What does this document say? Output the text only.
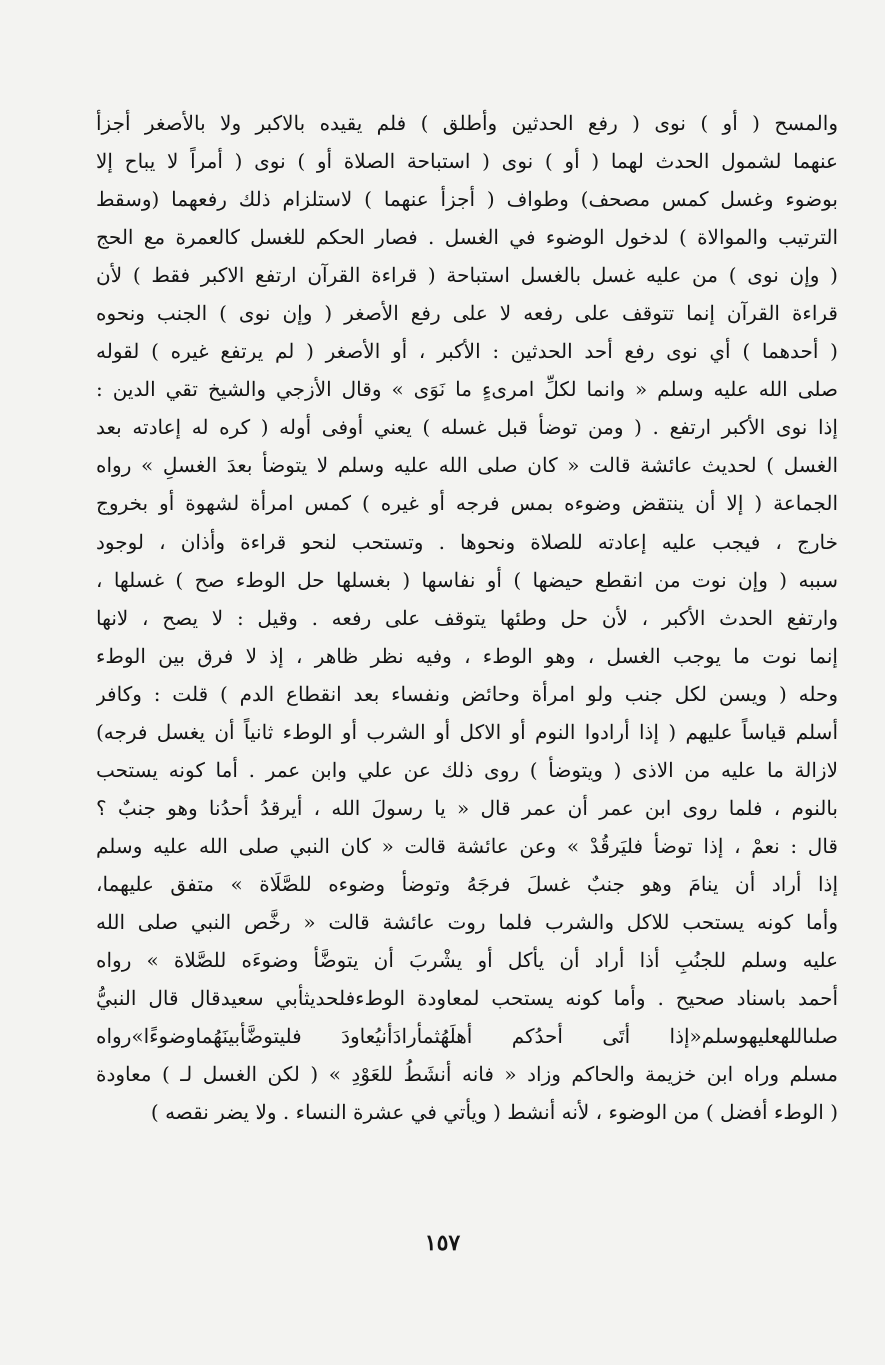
والمسح ( أو ) نوى ( رفع الحدثين وأطلق ) فلم يقيده بالاكبر ولا بالأصغر أجزأ
عنهما لشمول الحدث لهما ( أو ) نوى ( استباحة الصلاة أو ) نوى ( أمراً لا يباح إلا
بوضوء وغسل كمس مصحف) وطواف ( أجزأ عنهما ) لاستلزام ذلك رفعهما (وسقط
الترتيب والموالاة ) لدخول الوضوء في الغسل . فصار الحكم للغسل كالعمرة مع الحج
( وإن نوى ) من عليه غسل بالغسل استباحة ( قراءة القرآن ارتفع الاكبر فقط ) لأن
قراءة القرآن إنما تتوقف على رفعه لا على رفع الأصغر ( وإن نوى ) الجنب ونحوه
( أحدهما ) أي نوى رفع أحد الحدثين : الأكبر ، أو الأصغر ( لم يرتفع غيره ) لقوله
صلى الله عليه وسلم « وانما لكلِّ امرىءٍ ما نَوَى » وقال الأزجي والشيخ تقي الدين :
إذا نوى الأكبر ارتفع . ( ومن توضأ قبل غسله ) يعني أوفى أوله ( كره له إعادته بعد
الغسل ) لحديث عائشة قالت « كان صلى الله عليه وسلم لا يتوضأ بعدَ الغسلِ » رواه
الجماعة ( إلا أن ينتقض وضوءه بمس فرجه أو غيره ) كمس امرأة لشهوة أو بخروج
خارج ، فيجب عليه إعادته للصلاة ونحوها . وتستحب لنحو قراءة وأذان ، لوجود
سببه ( وإن نوت من انقطع حيضها ) أو نفاسها ( بغسلها حل الوطء صح ) غسلها ،
وارتفع الحدث الأكبر ، لأن حل وطئها يتوقف على رفعه . وقيل : لا يصح ، لانها
إنما نوت ما يوجب الغسل ، وهو الوطء ، وفيه نظر ظاهر ، إذ لا فرق بين الوطء
وحله ( ويسن لكل جنب ولو امرأة وحائض ونفساء بعد انقطاع الدم ) قلت : وكافر
أسلم قياساً عليهم ( إذا أرادوا النوم أو الاكل أو الشرب أو الوطء ثانياً أن يغسل فرجه)
لازالة ما عليه من الاذى ( ويتوضأ ) روى ذلك عن علي وابن عمر . أما كونه يستحب
بالنوم ، فلما روى ابن عمر أن عمر قال « يا رسولَ الله ، أيرقدُ أحدُنا وهو جنبٌ ؟
قال : نعمْ ، إذا توضأ فليَرقُدْ » وعن عائشة قالت « كان النبي صلى الله عليه وسلم
إذا أراد أن ينامَ وهو جنبٌ غسلَ فرجَهُ وتوضأ وضوءه للصَّلَاة » متفق عليهما،
وأما كونه يستحب للاكل والشرب فلما روت عائشة قالت « رخَّص النبي صلى الله
عليه وسلم للجنُبِ أذا أراد أن يأكل أو يشْربَ أن يتوضَّأ وضوءَه للصَّلاة » رواه
أحمد باسناد صحيح . وأما كونه يستحب لمعاودة الوطءفلحديثأبي سعيدقال قال النبيُّ
صلىاللهعليهوسلم«إذا أتَى أحدُكم أهلَهُثمأرادَأنيُعاودَ فليتوضَّأبينَهُماوضوءًا»رواه
مسلم وراه ابن خزيمة والحاكم وزاد « فانه أنشَطُ للعَوْدِ » ( لكن الغسل لـ ) معاودة
( الوطء أفضل ) من الوضوء ، لأنه أنشط ( ويأتي في عشرة النساء . ولا يضر نقصه )
١٥٧
